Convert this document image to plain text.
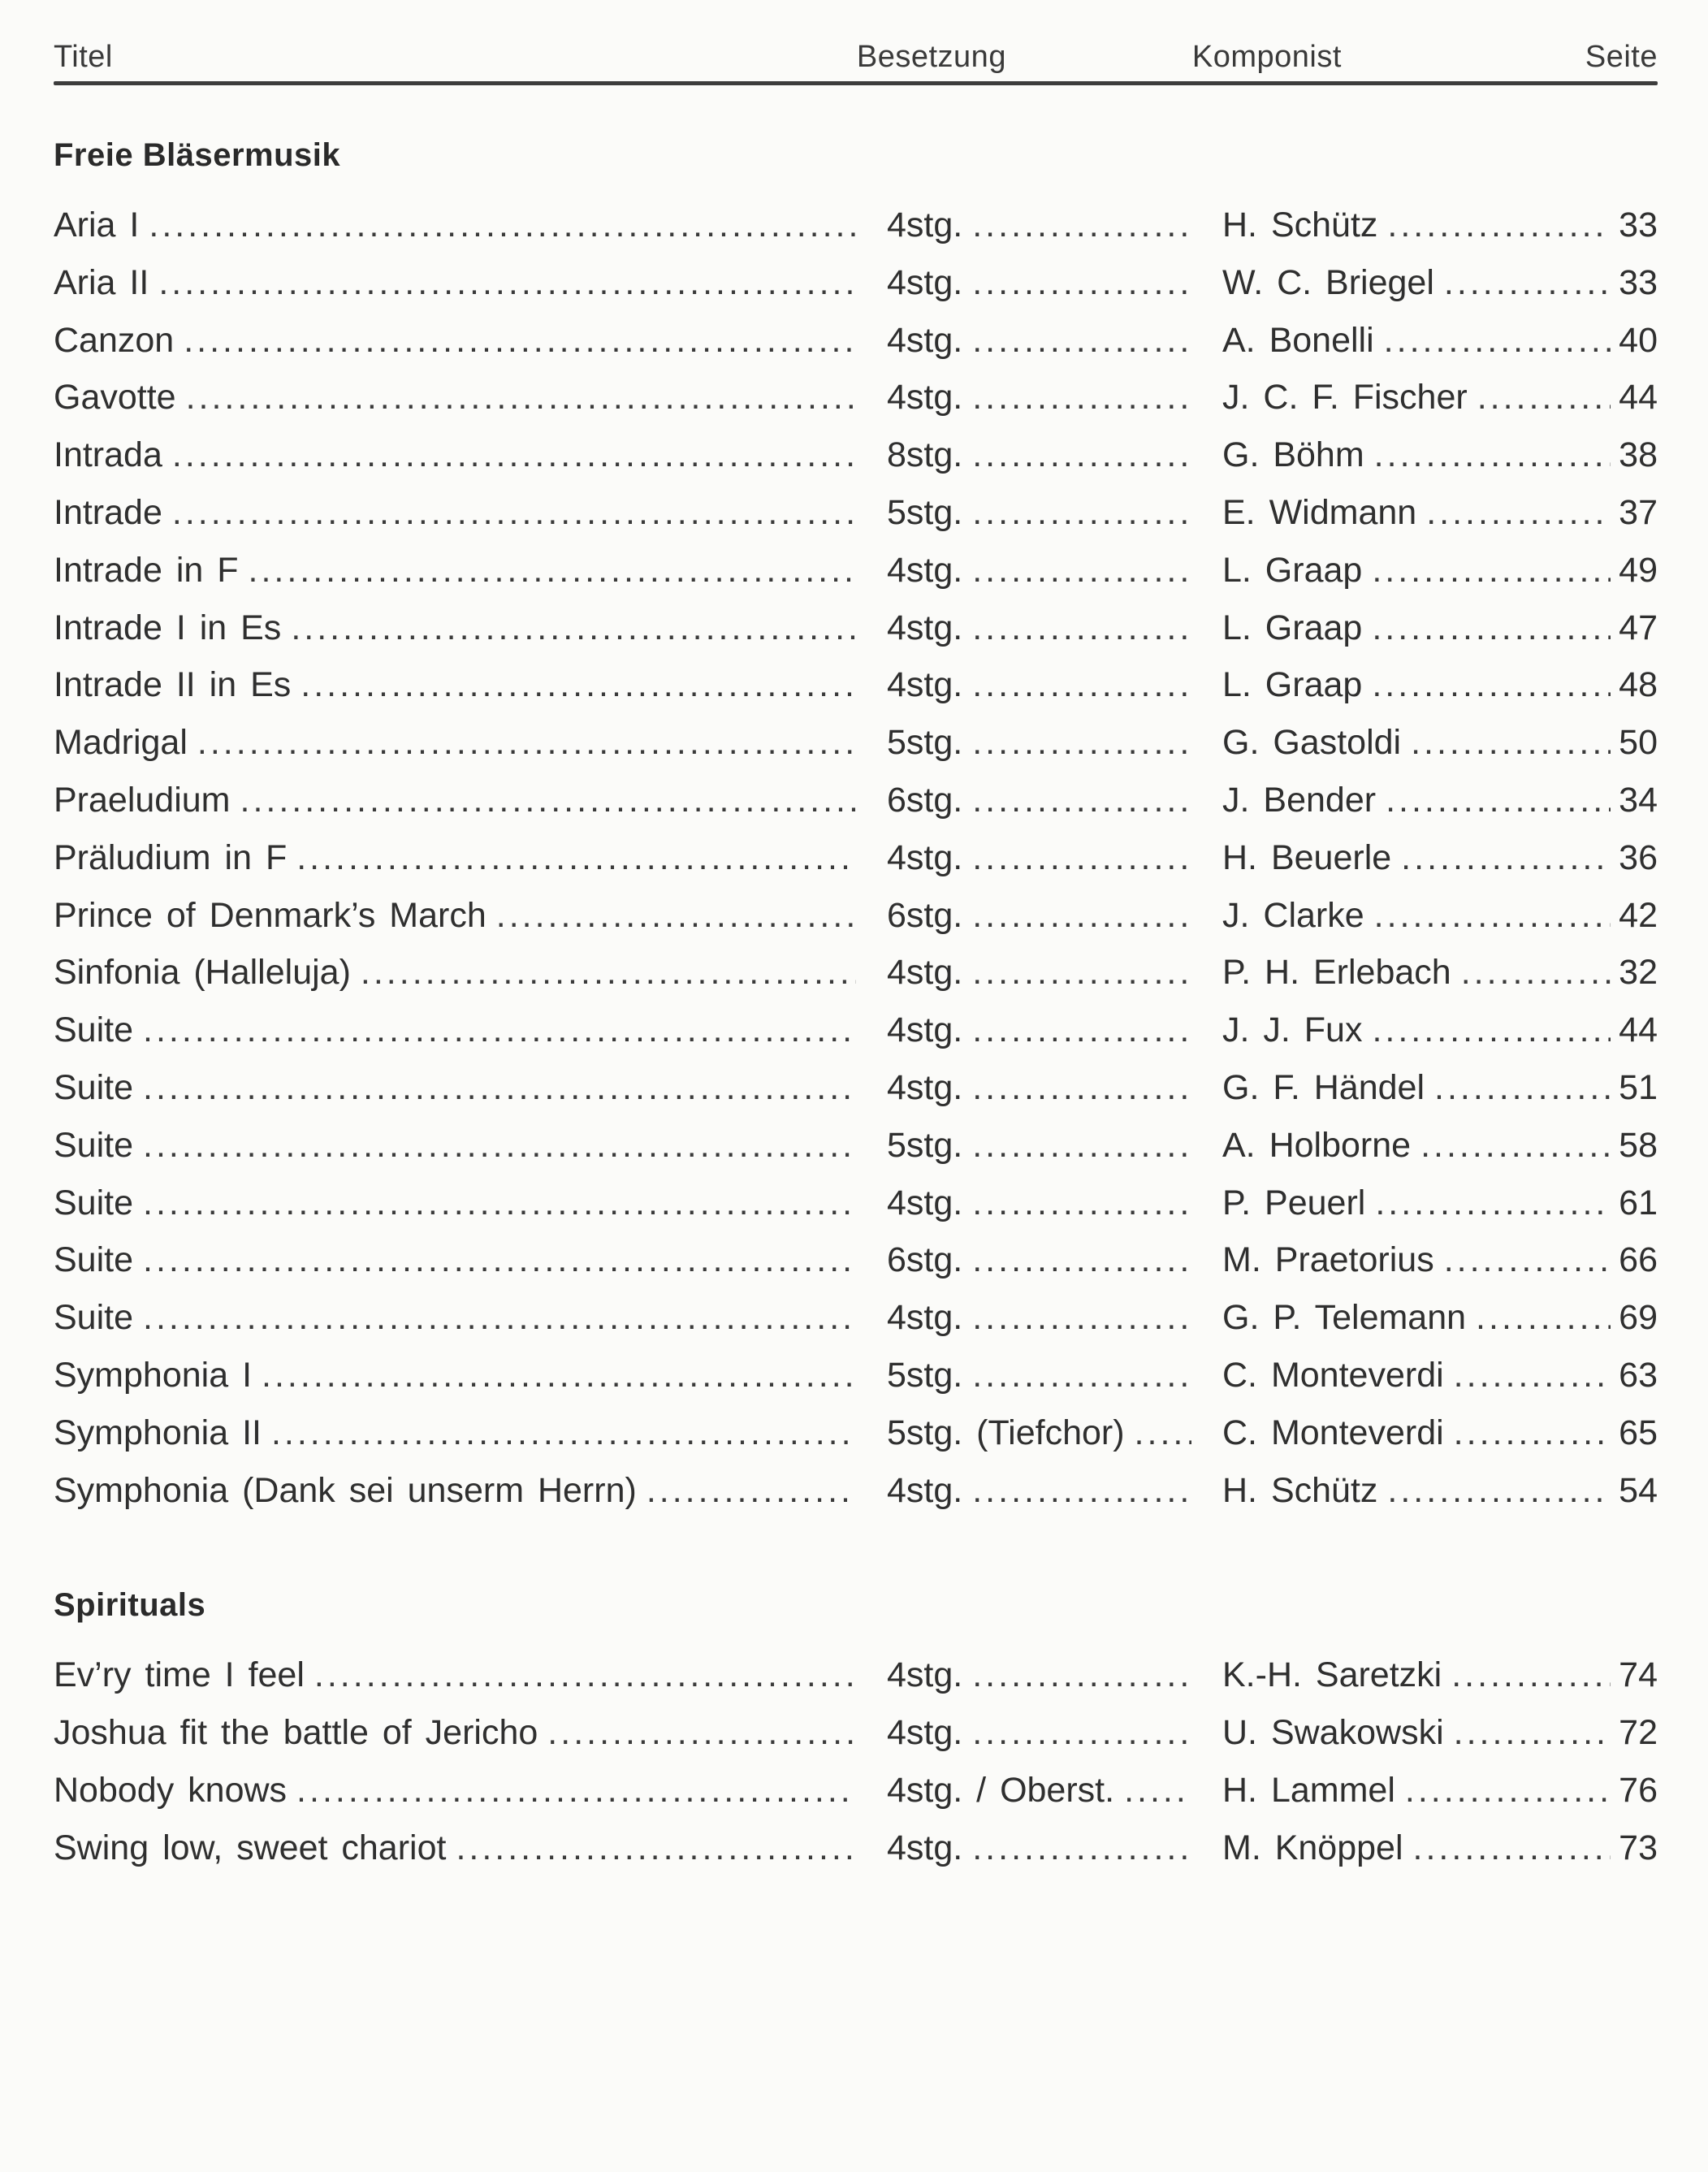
Titel	Besetzung	Komponist	Seite
Freie Bläsermusik
Aria I .....	4stg. .....	H. Schütz .....	33
Aria II .....	4stg. .....	W. C. Briegel .....	33
Canzon .....	4stg. .....	A. Bonelli .....	40
Gavotte .....	4stg. .....	J. C. F. Fischer .....	44
Intrada .....	8stg. .....	G. Böhm .....	38
Intrade .....	5stg. .....	E. Widmann .....	37
Intrade in F .....	4stg. .....	L. Graap .....	49
Intrade I in Es .....	4stg. .....	L. Graap .....	47
Intrade II in Es .....	4stg. .....	L. Graap .....	48
Madrigal .....	5stg. .....	G. Gastoldi .....	50
Praeludium .....	6stg. .....	J. Bender .....	34
Präludium in F .....	4stg. .....	H. Beuerle .....	36
Prince of Denmark’s March .....	6stg. .....	J. Clarke .....	42
Sinfonia (Halleluja) .....	4stg. .....	P. H. Erlebach .....	32
Suite .....	4stg. .....	J. J. Fux .....	44
Suite .....	4stg. .....	G. F. Händel .....	51
Suite .....	5stg. .....	A. Holborne .....	58
Suite .....	4stg. .....	P. Peuerl .....	61
Suite .....	6stg. .....	M. Praetorius .....	66
Suite .....	4stg. .....	G. P. Telemann .....	69
Symphonia I .....	5stg. .....	C. Monteverdi .....	63
Symphonia II .....	5stg. (Tiefchor) .....	C. Monteverdi .....	65
Symphonia (Dank sei unserm Herrn) .....	4stg. .....	H. Schütz .....	54
Spirituals
Ev’ry time I feel .....	4stg. .....	K.-H. Saretzki .....	74
Joshua fit the battle of Jericho .....	4stg. .....	U. Swakowski .....	72
Nobody knows .....	4stg. / Oberst. .....	H. Lammel .....	76
Swing low, sweet chariot .....	4stg. .....	M. Knöppel .....	73
